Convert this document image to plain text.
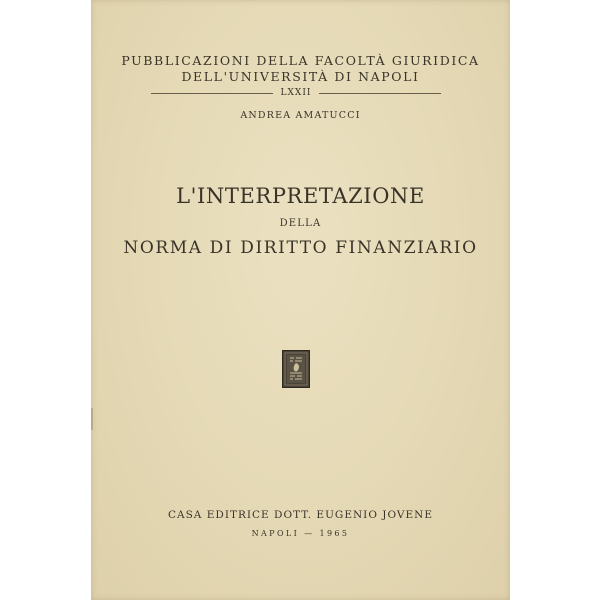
PUBBLICAZIONI DELLA FACOLTÀ GIURIDICA
DELL'UNIVERSITÀ DI NAPOLI
LXXII
ANDREA AMATUCCI
L'INTERPRETAZIONE
DELLA
NORMA DI DIRITTO FINANZIARIO
CASA EDITRICE DOTT. EUGENIO JOVENE
NAPOLI — 1965
